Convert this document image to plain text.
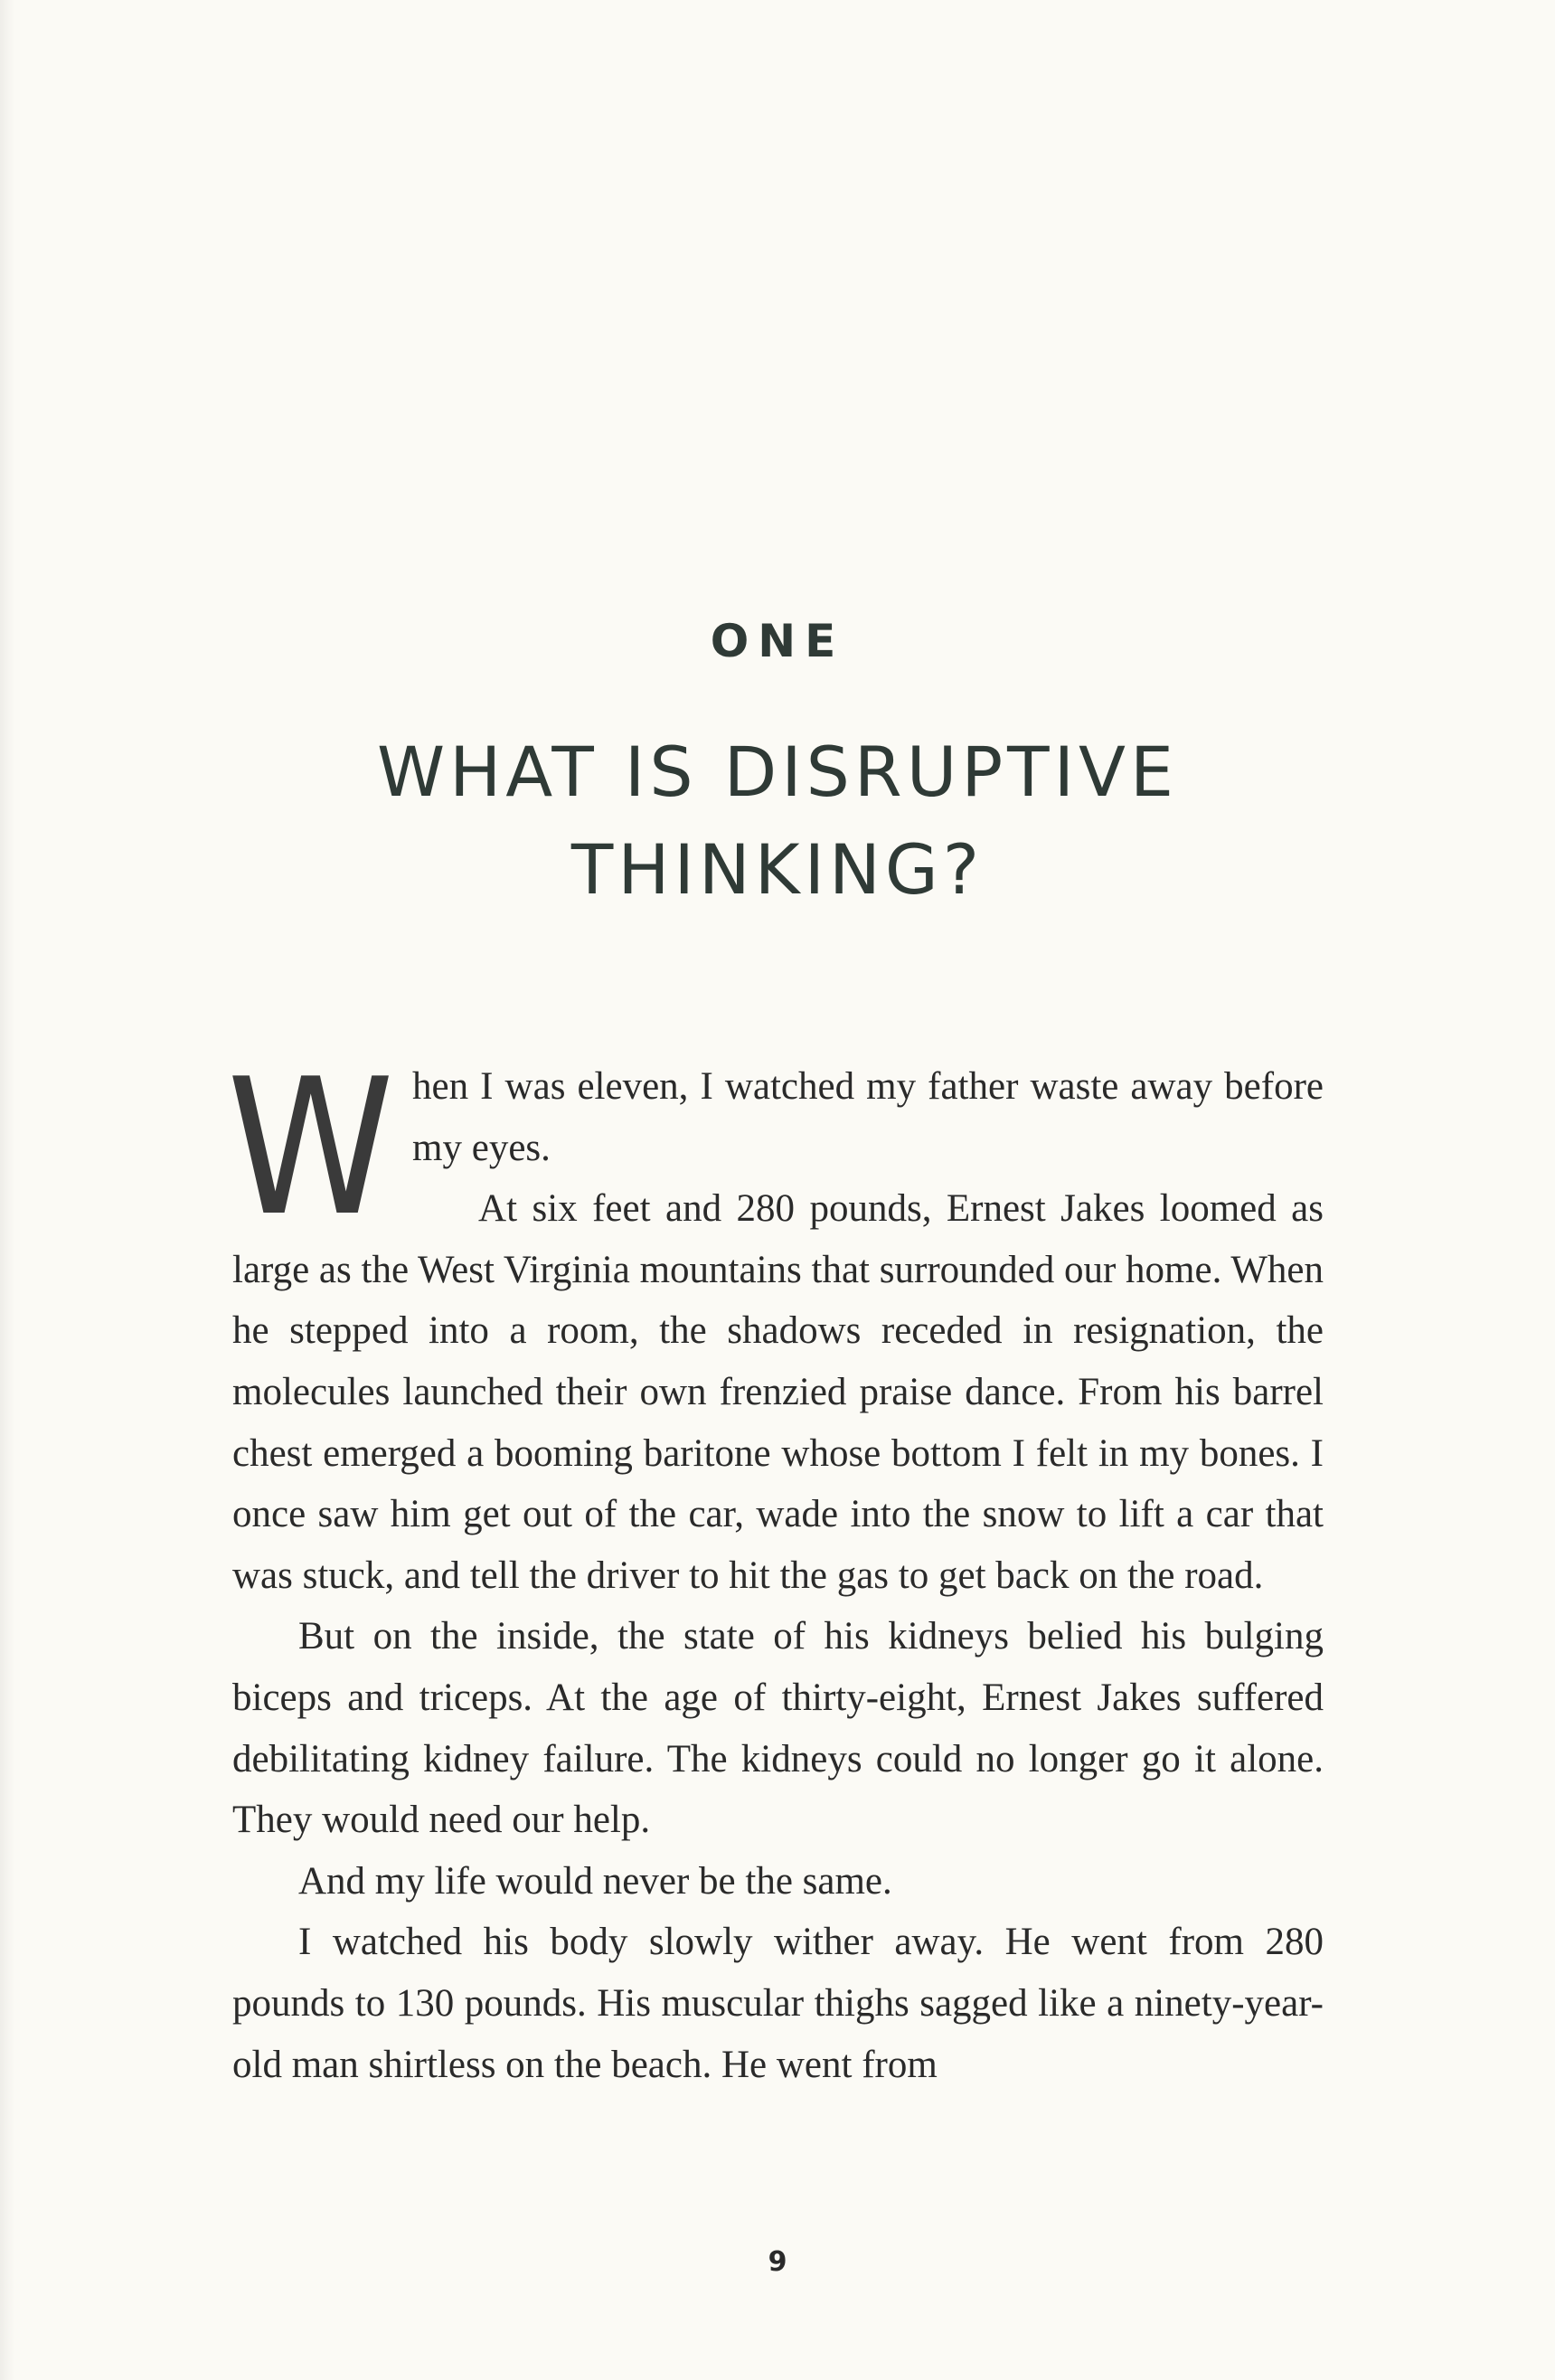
ONE
WHAT IS DISRUPTIVE
THINKING?

When I was eleven, I watched my father waste away before my eyes.

At six feet and 280 pounds, Ernest Jakes loomed as large as the West Virginia mountains that surrounded our home. When he stepped into a room, the shadows receded in resignation, the molecules launched their own frenzied praise dance. From his barrel chest emerged a booming baritone whose bottom I felt in my bones. I once saw him get out of the car, wade into the snow to lift a car that was stuck, and tell the driver to hit the gas to get back on the road.

But on the inside, the state of his kidneys belied his bulging biceps and triceps. At the age of thirty-eight, Ernest Jakes suffered debilitating kidney failure. The kidneys could no longer go it alone. They would need our help.

And my life would never be the same.

I watched his body slowly wither away. He went from 280 pounds to 130 pounds. His muscular thighs sagged like a ninety-year-old man shirtless on the beach. He went from

9
